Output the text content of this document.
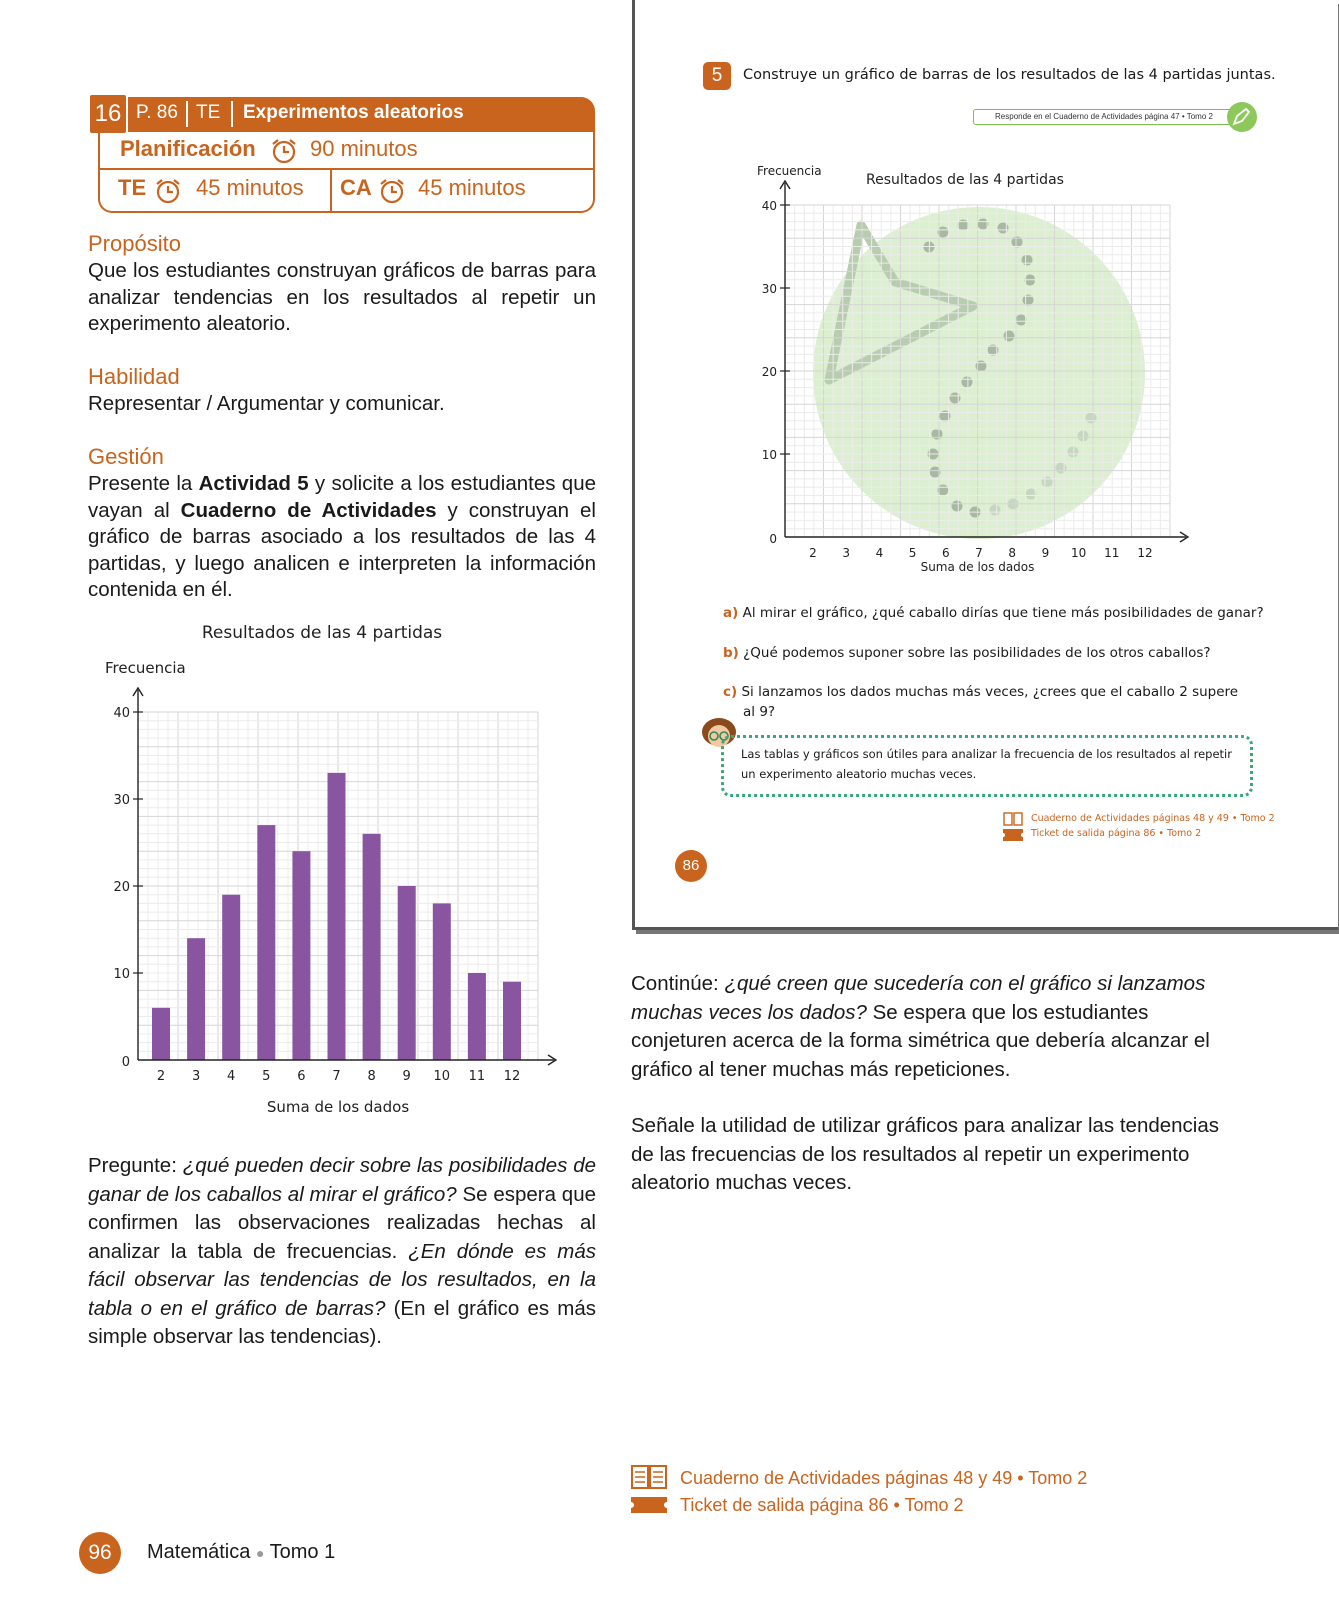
P. 86 TE Experimentos aleatorios
16
Planificación 90 minutos
TE 45 minutos CA 45 minutos
Propósito
Que los estudiantes construyan gráficos de barras para analizar tendencias en los resultados al repetir un experimento aleatorio.
Habilidad
Representar / Argumentar y comunicar.
Gestión
Presente la Actividad 5 y solicite a los estudiantes que vayan al Cuaderno de Actividades y construyan el gráfico de barras asociado a los resultados de las 4 partidas, y luego analicen e interpreten la información contenida en él.
0
10
20
30
40
2 3 4 5 6 7 8 9 10 11 12
Resultados de las 4 partidas
Frecuencia
Suma de los dados
Pregunte: ¿qué pueden decir sobre las posibilidades de ganar de los caballos al mirar el gráfico? Se espera que confirmen las observaciones realizadas hechas al analizar la tabla de frecuencias. ¿En dónde es más fácil observar las tendencias de los resultados, en la tabla o en el gráfico de barras? (En el gráfico es más simple observar las tendencias).
5	Construye un gráfico de barras de los resultados de las 4 partidas juntas.
Responde en el Cuaderno de Actividades página 47 • Tomo 2
0
10
20
30
40
2 3 4 5 6 7 8 9 10 11 12
Resultados de las 4 partidas
Frecuencia
Suma de los dados
a) Al mirar el gráfico, ¿qué caballo dirías que tiene más posibilidades de ganar?
b) ¿Qué podemos suponer sobre las posibilidades de los otros caballos?
c) Si lanzamos los dados muchas más veces, ¿crees que el caballo 2 supere
al 9?
Las tablas y gráficos son útiles para analizar la frecuencia de los resultados al repetir
un experimento aleatorio muchas veces.
Cuaderno de Actividades páginas 48 y 49 • Tomo 2
Ticket de salida página 86 • Tomo 2
86
Continúe: ¿qué creen que sucedería con el gráfico si lanzamos muchas veces los dados? Se espera que los estudiantes conjeturen acerca de la forma simétrica que debería alcanzar el gráfico al tener muchas más repeticiones.
Señale la utilidad de utilizar gráficos para analizar las tendencias de las frecuencias de los resultados al repetir un experimento aleatorio muchas veces.
Cuaderno de Actividades páginas 48 y 49 • Tomo 2
Ticket de salida página 86 • Tomo 2
96	Matemática ● Tomo 1
